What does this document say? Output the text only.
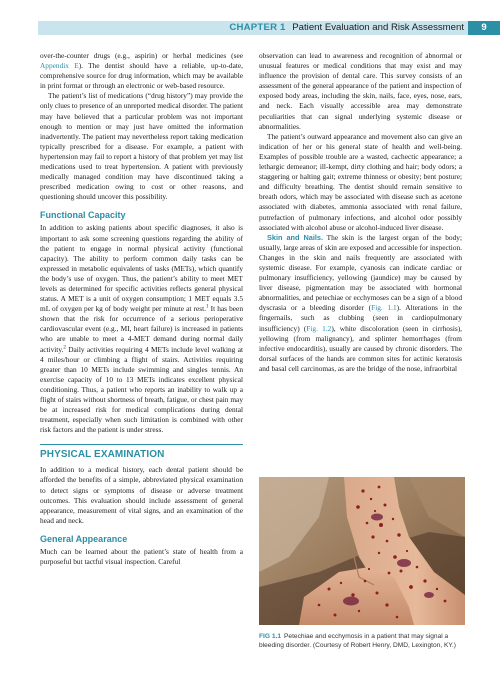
CHAPTER 1 Patient Evaluation and Risk Assessment	9

over-the-counter drugs (e.g., aspirin) or herbal medicines (see Appendix E). The dentist should have a reliable, up-to-date, comprehensive source for drug information, which may be available in print format or through an electronic or web-based resource.

The patient’s list of medications (“drug history”) may provide the only clues to presence of an unreported medical disorder. The patient may have believed that a particular problem was not important enough to mention or may just have omitted the information inadvertently. The patient may nevertheless report taking medication typically prescribed for a disease. For example, a patient with hypertension may fail to report a history of that problem yet may list medications used to treat hypertension. A patient with previously medically managed condition may have discontinued taking a prescribed medication owing to cost or other reasons, and questioning should uncover this possibility.

Functional Capacity

In addition to asking patients about specific diagnoses, it also is important to ask some screening questions regarding the ability of the patient to engage in normal physical activity (functional capacity). The ability to perform common daily tasks can be expressed in metabolic equivalents of tasks (METs), which quantify the body’s use of oxygen. Thus, the patient’s ability to meet MET levels as determined for specific activities reflects general physical status. A MET is a unit of oxygen consumption; 1 MET equals 3.5 mL of oxygen per kg of body weight per minute at rest.$^1$ It has been shown that the risk for occurrence of a serious perioperative cardiovascular event (e.g., MI, heart failure) is increased in patients who are unable to meet a 4-MET demand during normal daily activity.$^2$ Daily activities requiring 4 METs include level walking at 4 miles/hour or climbing a flight of stairs. Activities requiring greater than 10 METs include swimming and singles tennis. An exercise capacity of 10 to 13 METs indicates excellent physical conditioning. Thus, a patient who reports an inability to walk up a flight of stairs without shortness of breath, fatigue, or chest pain may be at increased risk for medical complications during dental treatment, especially when such limitation is combined with other risk factors and the patient is under stress.

PHYSICAL EXAMINATION

In addition to a medical history, each dental patient should be afforded the benefits of a simple, abbreviated physical examination to detect signs or symptoms of disease or adverse treatment outcomes. This evaluation should include assessment of general appearance, measurement of vital signs, and an examination of the head and neck.

General Appearance

Much can be learned about the patient’s state of health from a purposeful but tactful visual inspection. Careful

observation can lead to awareness and recognition of abnormal or unusual features or medical conditions that may exist and may influence the provision of dental care. This survey consists of an assessment of the general appearance of the patient and inspection of exposed body areas, including the skin, nails, face, eyes, nose, ears, and neck. Each visually accessible area may demonstrate peculiarities that can signal underlying systemic disease or abnormalities.

The patient’s outward appearance and movement also can give an indication of her or his general state of health and well-being. Examples of possible trouble are a wasted, cachectic appearance; a lethargic demeanor; ill-kempt, dirty clothing and hair; body odors; a staggering or halting gait; extreme thinness or obesity; bent posture; and difficulty breathing. The dentist should remain sensitive to breath odors, which may be associated with disease such as acetone associated with diabetes, ammonia associated with renal failure, putrefaction of pulmonary infections, and alcohol odor possibly associated with alcohol abuse or alcohol-induced liver disease.

Skin and Nails. The skin is the largest organ of the body; usually, large areas of skin are exposed and accessible for inspection. Changes in the skin and nails frequently are associated with systemic disease. For example, cyanosis can indicate cardiac or pulmonary insufficiency, yellowing (jaundice) may be caused by liver disease, pigmentation may be associated with hormonal abnormalities, and petechiae or ecchymoses can be a sign of a blood dyscrasia or a bleeding disorder (Fig. 1.1). Alterations in the fingernails, such as clubbing (seen in cardiopulmonary insufficiency) (Fig. 1.2), white discoloration (seen in cirrhosis), yellowing (from malignancy), and splinter hemorrhages (from infective endocarditis), usually are caused by chronic disorders. The dorsal surfaces of the hands are common sites for actinic keratosis and basal cell carcinomas, as are the bridge of the nose, infraorbital

FIG 1.1 Petechiae and ecchymosis in a patient that may signal a bleeding disorder. (Courtesy of Robert Henry, DMD, Lexington, KY.)
